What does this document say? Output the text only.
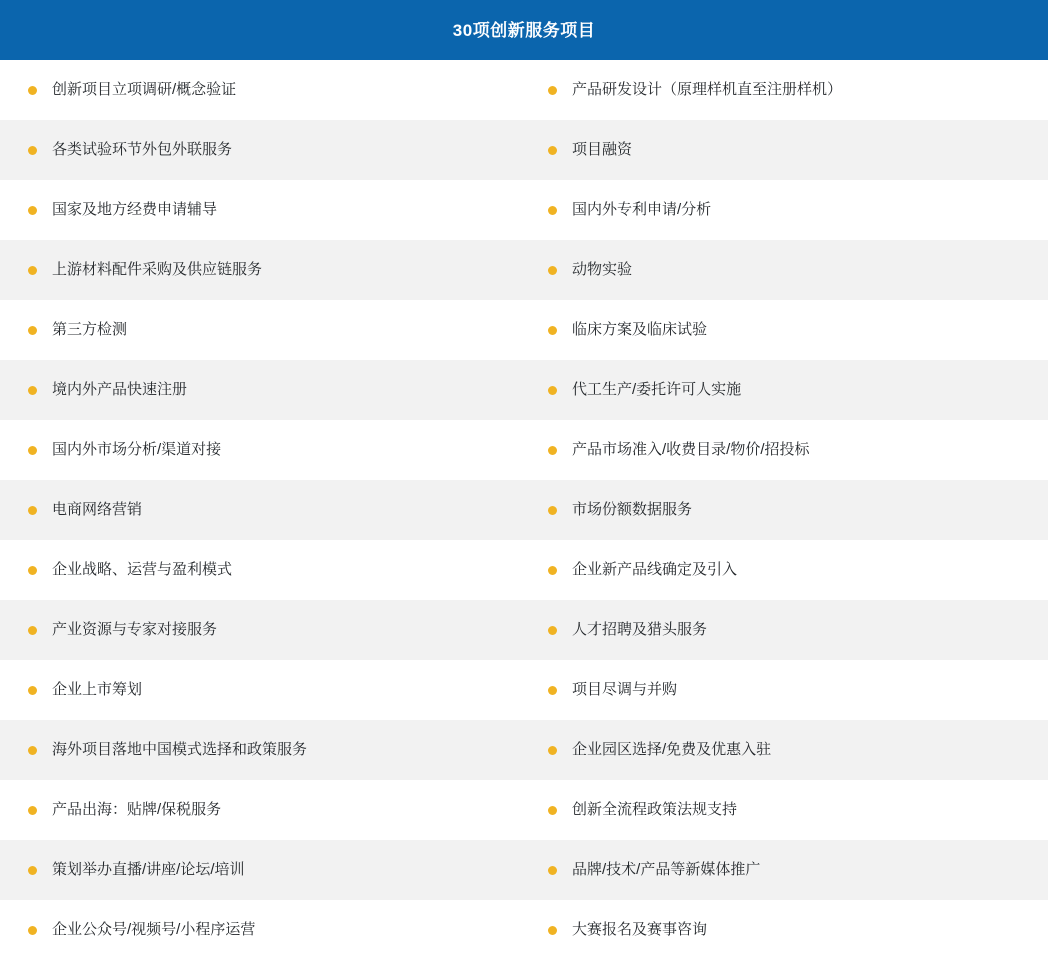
30项创新服务项目
创新项目立项调研/概念验证	产品研发设计（原理样机直至注册样机）
各类试验环节外包外联服务	项目融资
国家及地方经费申请辅导	国内外专利申请/分析
上游材料配件采购及供应链服务	动物实验
第三方检测	临床方案及临床试验
境内外产品快速注册	代工生产/委托许可人实施
国内外市场分析/渠道对接	产品市场准入/收费目录/物价/招投标
电商网络营销	市场份额数据服务
企业战略、运营与盈利模式	企业新产品线确定及引入
产业资源与专家对接服务	人才招聘及猎头服务
企业上市筹划	项目尽调与并购
海外项目落地中国模式选择和政策服务	企业园区选择/免费及优惠入驻
产品出海：贴牌/保税服务	创新全流程政策法规支持
策划举办直播/讲座/论坛/培训	品牌/技术/产品等新媒体推广
企业公众号/视频号/小程序运营	大赛报名及赛事咨询
